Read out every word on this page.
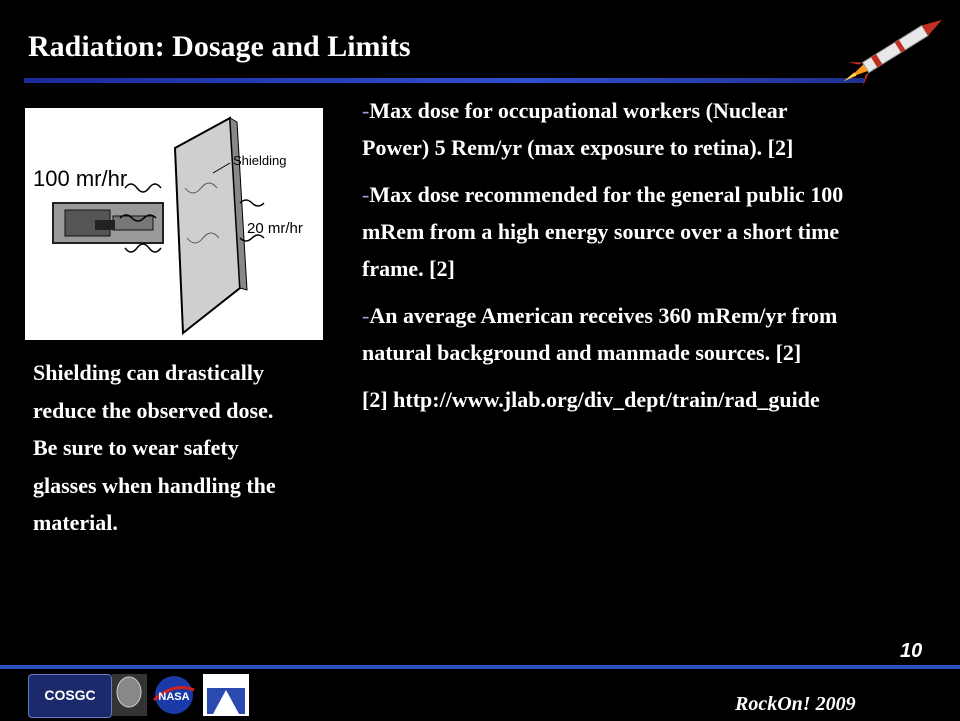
Radiation: Dosage and Limits
100 mr/hr
Shielding
20 mr/hr
Shielding can drastically reduce the observed dose. Be sure to wear safety glasses when handling the material.

-Max dose for occupational workers (Nuclear Power) 5 Rem/yr (max exposure to retina). [2]

-Max dose recommended for the general public 100 mRem from a high energy source over a short time frame. [2]

-An average American receives 360 mRem/yr from natural background and manmade sources. [2]

[2] http://www.jlab.org/div_dept/train/rad_guide

10
COSGC	NASA	RockOn! 2009
